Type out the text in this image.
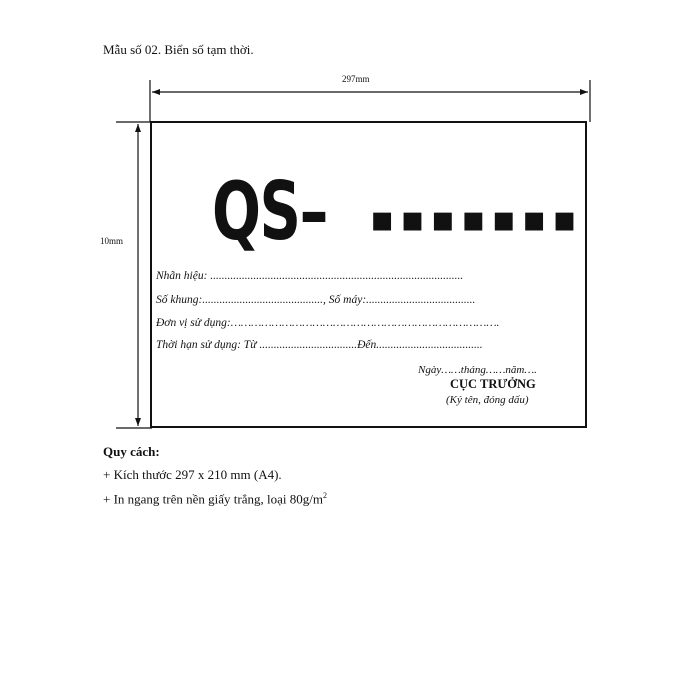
Mẫu số 02. Biển số tạm thời.
297mm
10mm QS–	▪▪▪▪▪▪▪
Nhãn hiệu: ........................................................................................
Số khung:.........................................., Số máy:......................................
Đơn vị sử dụng:…………………………………………………………………….
Thời hạn sử dụng: Từ ..................................Đến.....................................
Ngày……tháng……năm….
CỤC TRƯỞNG
(Ký tên, đóng dấu)
Quy cách:
+ Kích thước 297 x 210 mm (A4).
+ In ngang trên nền giấy trắng, loại $80g/m^2$
